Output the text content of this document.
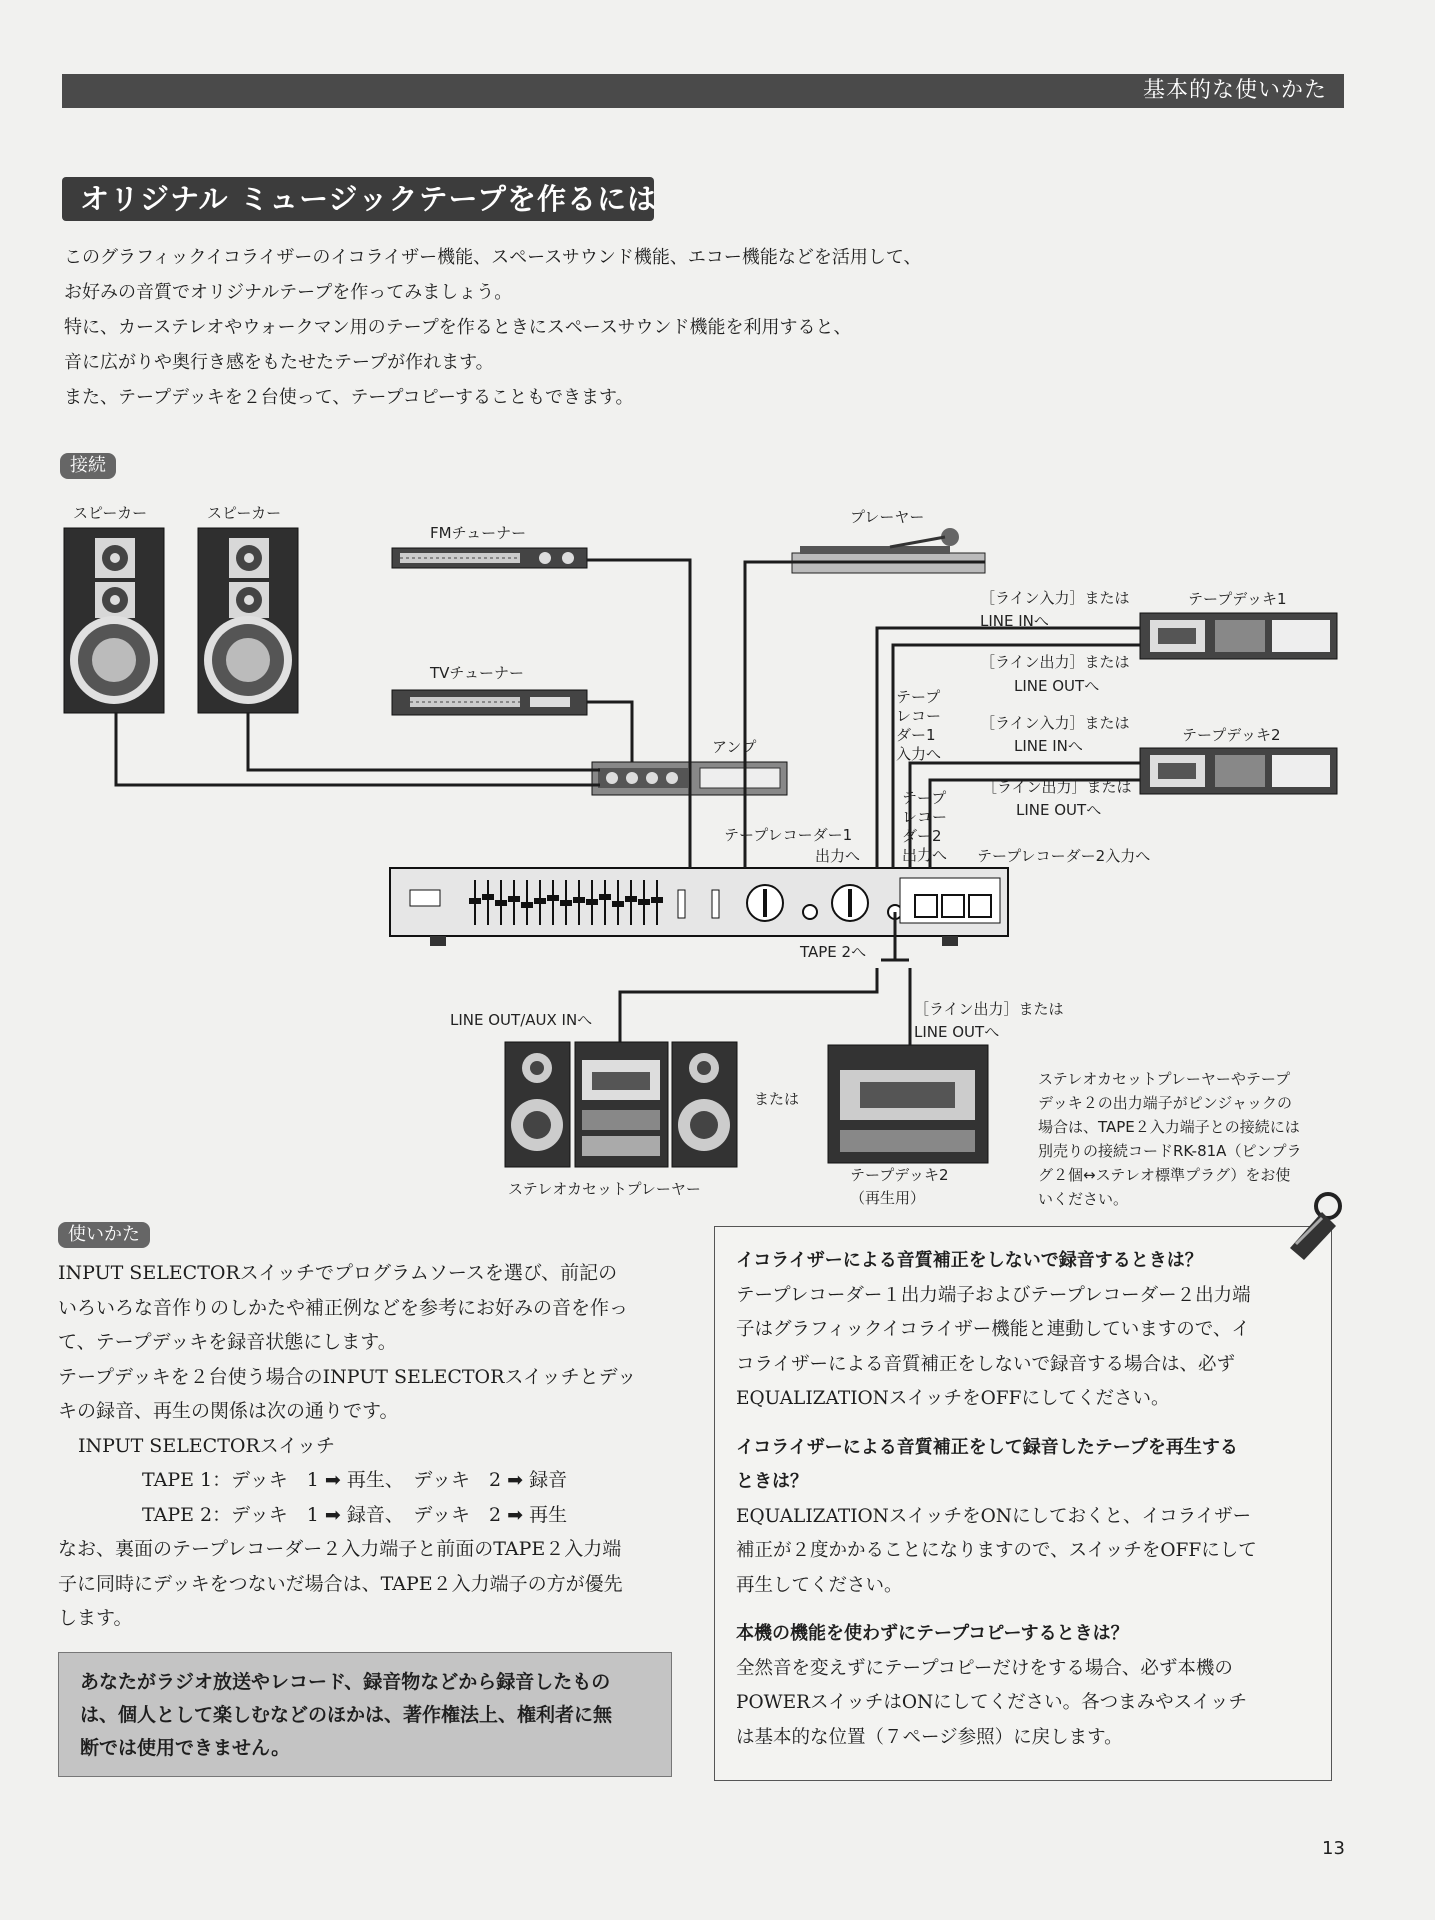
基本的な使いかた
オリジナル ミュージックテープを作るには

このグラフィックイコライザーのイコライザー機能、スペースサウンド機能、エコー機能などを活用して、

お好みの音質でオリジナルテープを作ってみましょう。

特に、カーステレオやウォークマン用のテープを作るときにスペースサウンド機能を利用すると、

音に広がりや奥行き感をもたせたテープが作れます。

また、テープデッキを２台使って、テープコピーすることもできます。

接続
スピーカー	スピーカー
FMチューナー
TVチューナー
プレーヤー
アンプ
テープデッキ1
テープデッキ2
［ライン入力］または
LINE INへ
［ライン出力］または
LINE OUTへ
［ライン入力］または
LINE INへ
［ライン出力］または
LINE OUTへ
テープ
レコー
ダー1
入力へ
テープ
レコー
ダー2
出力へ
テープレコーダー1
出力へ	テープレコーダー2入力へ
TAPE 2へ
LINE OUT/AUX INへ
［ライン出力］または
LINE OUTへ
または
ステレオカセットプレーヤー
テープデッキ2
（再生用）
ステレオカセットプレーヤーやテープ
デッキ２の出力端子がピンジャックの
場合は、TAPE２入力端子との接続には
別売りの接続コードRK-81A（ピンプラ
グ２個↔ステレオ標準プラグ）をお使
いください。
使いかた

INPUT SELECTORスイッチでプログラムソースを選び、前記の

いろいろな音作りのしかたや補正例などを参考にお好みの音を作っ

て、テープデッキを録音状態にします。

テープデッキを２台使う場合のINPUT SELECTORスイッチとデッ

キの録音、再生の関係は次の通りです。

INPUT SELECTORスイッチ

TAPE 1：デッキ　1 ➡ 再生、　デッキ　2 ➡ 録音

TAPE 2：デッキ　1 ➡ 録音、　デッキ　2 ➡ 再生

なお、裏面のテープレコーダー２入力端子と前面のTAPE２入力端

子に同時にデッキをつないだ場合は、TAPE２入力端子の方が優先

します。

あなたがラジオ放送やレコード、録音物などから録音したもの
は、個人として楽しむなどのほかは、著作権法上、権利者に無
断では使用できません。

イコライザーによる音質補正をしないで録音するときは？

テープレコーダー１出力端子およびテープレコーダー２出力端

子はグラフィックイコライザー機能と連動していますので、イ

コライザーによる音質補正をしないで録音する場合は、必ず

EQUALIZATIONスイッチをOFFにしてください。

イコライザーによる音質補正をして録音したテープを再生する

ときは？

EQUALIZATIONスイッチをONにしておくと、イコライザー

補正が２度かかることになりますので、スイッチをOFFにして

再生してください。

本機の機能を使わずにテープコピーするときは？

全然音を変えずにテープコピーだけをする場合、必ず本機の

POWERスイッチはONにしてください。各つまみやスイッチ

は基本的な位置（７ページ参照）に戻します。

13
